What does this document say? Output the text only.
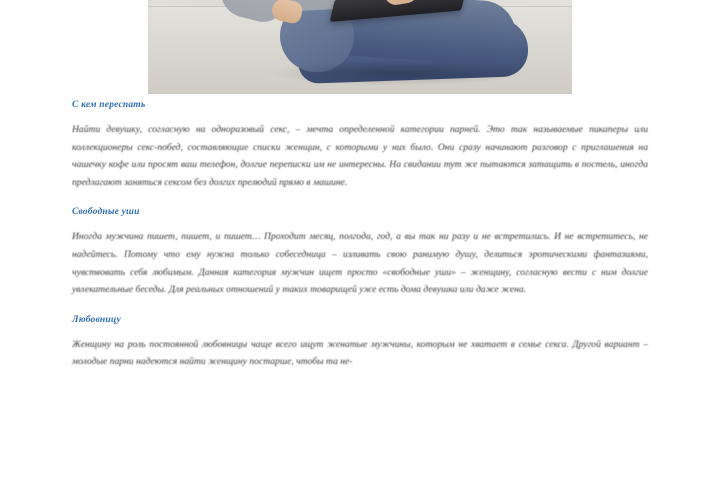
С кем переспать

Найти девушку, согласную на одноразовый секс, – мечта определенной категории парней. Это так называемые пикаперы или коллекционеры секс-побед, составляющие списки женщин, с которыми у них было. Они сразу начинают разговор с приглашения на чашечку кофе или просят ваш телефон, долгие переписки им не интересны. На свидании тут же пытаются затащить в постель, иногда предлагают заняться сексом без долгих прелюдий прямо в машине.

Свободные уши

Иногда мужчина пишет, пишет, и пишет… Проходит месяц, полгода, год, а вы так ни разу и не встретились. И не встретитесь, не надейтесь. Потому что ему нужна только собеседница – изливать свою ранимую душу, делиться эротическими фантазиями, чувствовать себя любимым. Данная категория мужчин ищет просто «свободные уши» – женщину, согласную вести с ним долгие увлекательные беседы. Для реальных отношений у таких товарищей уже есть дома девушка или даже жена.

Любовницу

Женщину на роль постоянной любовницы чаще всего ищут женатые мужчины, которым не хватает в семье секса. Другой вариант – молодые парни надеются найти женщину постарше, чтобы та не-
